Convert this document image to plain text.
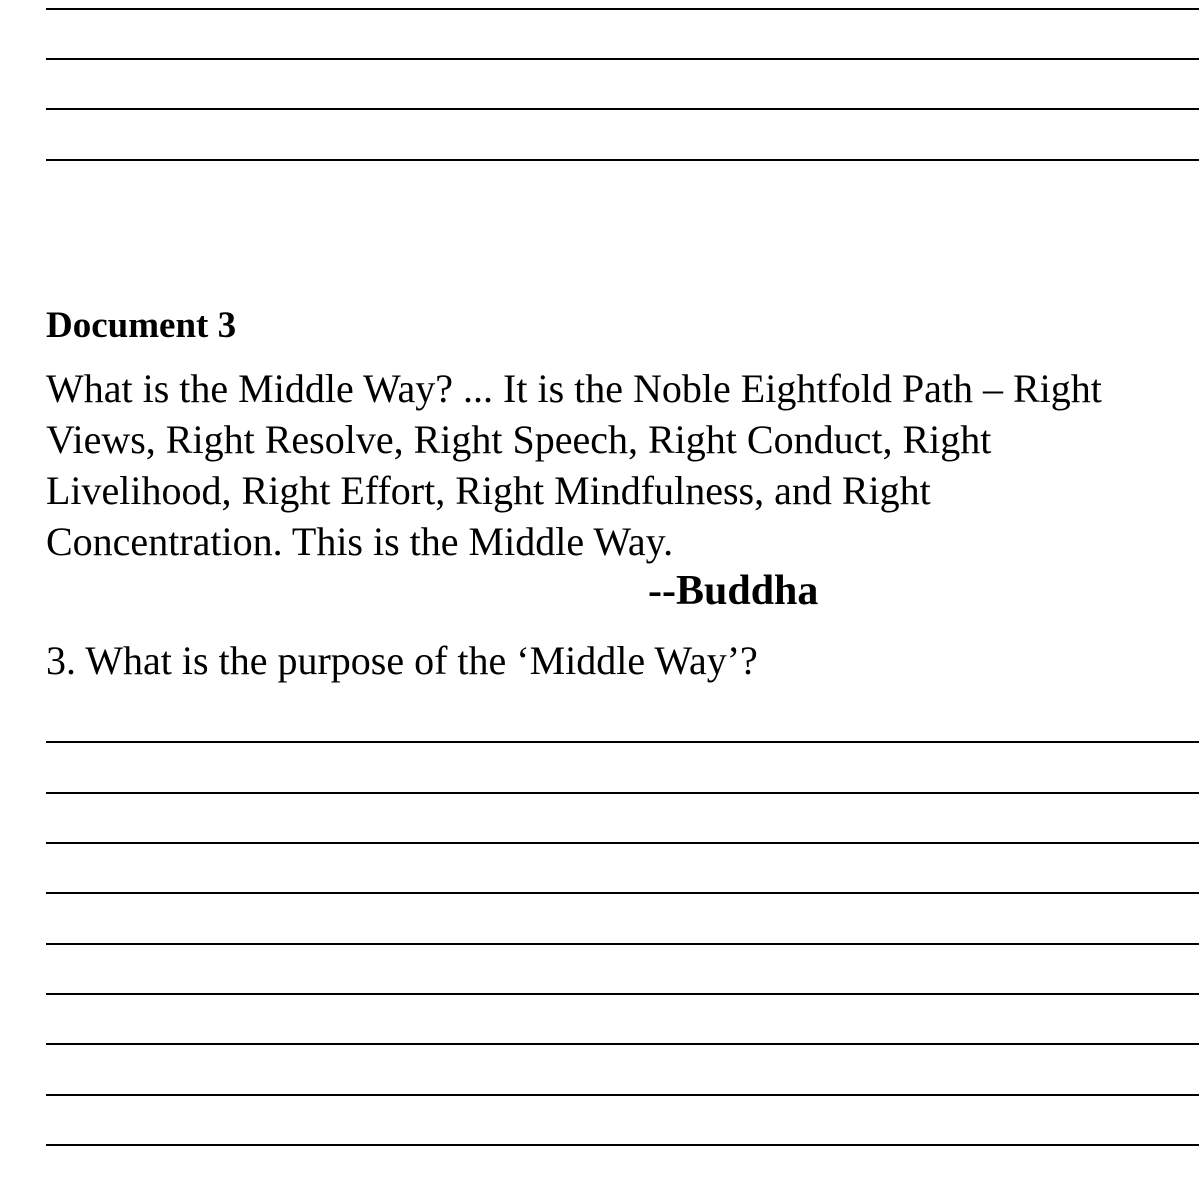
Document 3

What is the Middle Way? ... It is the Noble Eightfold Path – Right
Views, Right Resolve, Right Speech, Right Conduct, Right
Livelihood, Right Effort, Right Mindfulness, and Right
Concentration. This is the Middle Way.

--Buddha

3. What is the purpose of the ‘Middle Way’?
